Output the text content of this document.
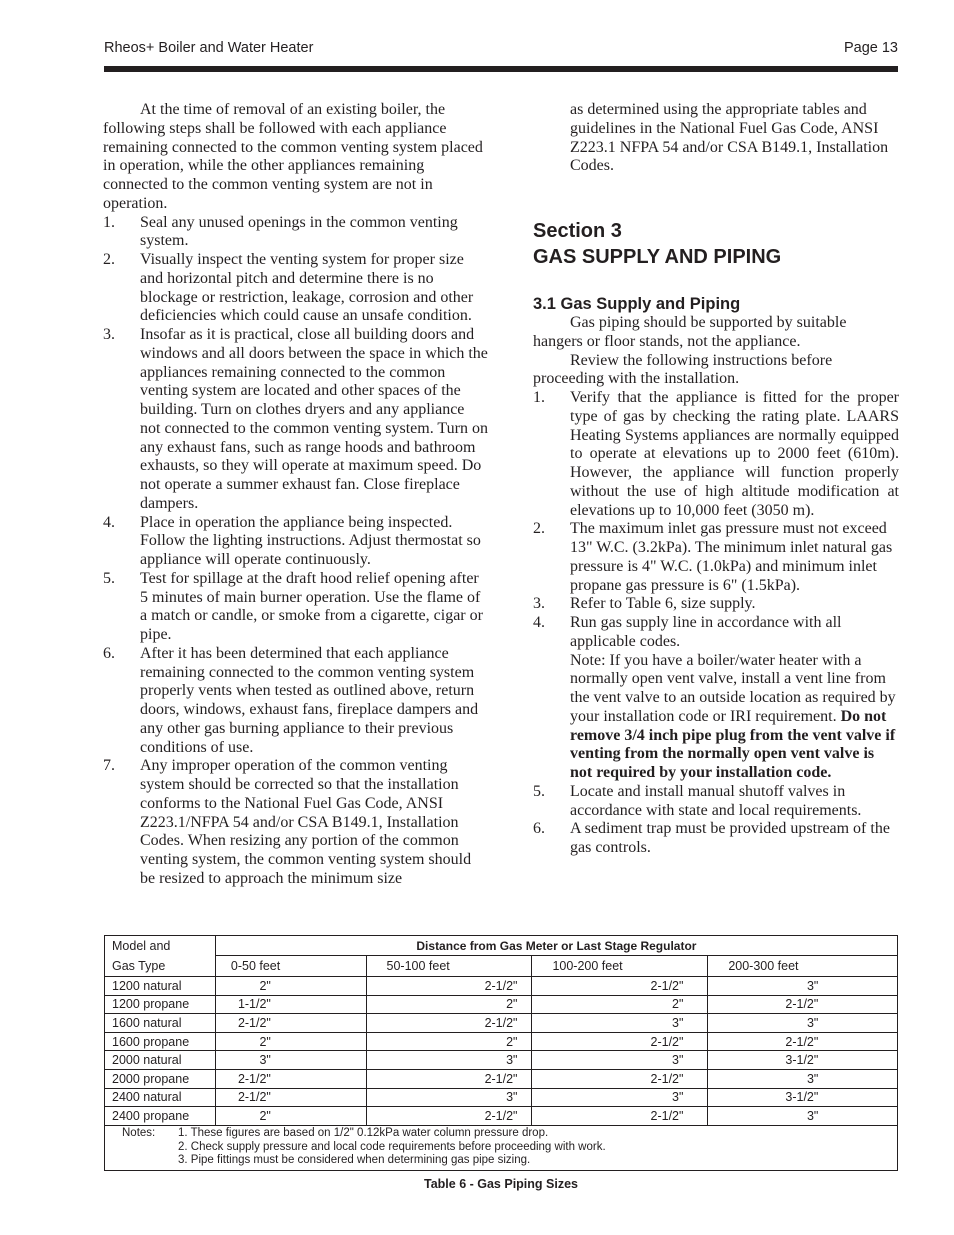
Rheos+ Boiler and Water Heater	Page 13

At the time of removal of an existing boiler, the following steps shall be followed with each appliance remaining connected to the common venting system placed in operation, while the other appliances remaining connected to the common venting system are not in operation.

1. Seal any unused openings in the common venting system.
2. Visually inspect the venting system for proper size and horizontal pitch and determine there is no blockage or restriction, leakage, corrosion and other deficiencies which could cause an unsafe condition.
3. Insofar as it is practical, close all building doors and windows and all doors between the space in which the appliances remaining connected to the common venting system are located and other spaces of the building. Turn on clothes dryers and any appliance not connected to the common venting system. Turn on any exhaust fans, such as range hoods and bathroom exhausts, so they will operate at maximum speed. Do not operate a summer exhaust fan. Close fireplace dampers.
4. Place in operation the appliance being inspected. Follow the lighting instructions. Adjust thermostat so appliance will operate continuously.
5. Test for spillage at the draft hood relief opening after 5 minutes of main burner operation. Use the flame of a match or candle, or smoke from a cigarette, cigar or pipe.
6. After it has been determined that each appliance remaining connected to the common venting system properly vents when tested as outlined above, return doors, windows, exhaust fans, fireplace dampers and any other gas burning appliance to their previous conditions of use.
7. Any improper operation of the common venting system should be corrected so that the installation conforms to the National Fuel Gas Code, ANSI Z223.1/NFPA 54 and/or CSA B149.1, Installation Codes. When resizing any portion of the common venting system, the common venting system should be resized to approach the minimum size

as determined using the appropriate tables and guidelines in the National Fuel Gas Code, ANSI Z223.1 NFPA 54 and/or CSA B149.1, Installation Codes.

Section 3
GAS SUPPLY AND PIPING
3.1 Gas Supply and Piping

Gas piping should be supported by suitable hangers or floor stands, not the appliance.

Review the following instructions before proceeding with the installation.

1. Verify that the appliance is fitted for the proper type of gas by checking the rating plate. LAARS Heating Systems appliances are normally equipped to operate at elevations up to 2000 feet (610m). However, the appliance will function properly without the use of high altitude modification at elevations up to 10,000 feet (3050 m).
2. The maximum inlet gas pressure must not exceed 13" W.C. (3.2kPa). The minimum inlet natural gas pressure is 4" W.C. (1.0kPa) and minimum inlet propane gas pressure is 6" (1.5kPa).
3. Refer to Table 6, size supply.
4. Run gas supply line in accordance with all applicable codes.
Note: If you have a boiler/water heater with a normally open vent valve, install a vent line from the vent valve to an outside location as required by your installation code or IRI requirement. Do not remove 3/4 inch pipe plug from the vent valve if venting from the normally open vent valve is not required by your installation code.
5. Locate and install manual shutoff valves in accordance with state and local requirements.
6. A sediment trap must be provided upstream of the gas controls.
Model and	Distance from Gas Meter or Last Stage Regulator			
Gas Type	0-50 feet	50-100 feet	100-200 feet	200-300 feet
1200 natural	2"	2-1/2"	2-1/2"	3"
1200 propane	1-1/2"	2"	2"	2-1/2"
1600 natural	2-1/2"	2-1/2"	3"	3"
1600 propane	2"	2"	2-1/2"	2-1/2"
2000 natural	3"	3"	3"	3-1/2"
2000 propane	2-1/2"	2-1/2"	2-1/2"	3"
2400 natural	2-1/2"	3"	3"	3-1/2"
2400 propane	2"	2-1/2"	2-1/2"	3"

Notes: 1. These figures are based on 1/2" 0.12kPa water column pressure drop.
2. Check supply pressure and local code requirements before proceeding with work.
3. Pipe fittings must be considered when determining gas pipe sizing.				
Table 6 - Gas Piping Sizes
